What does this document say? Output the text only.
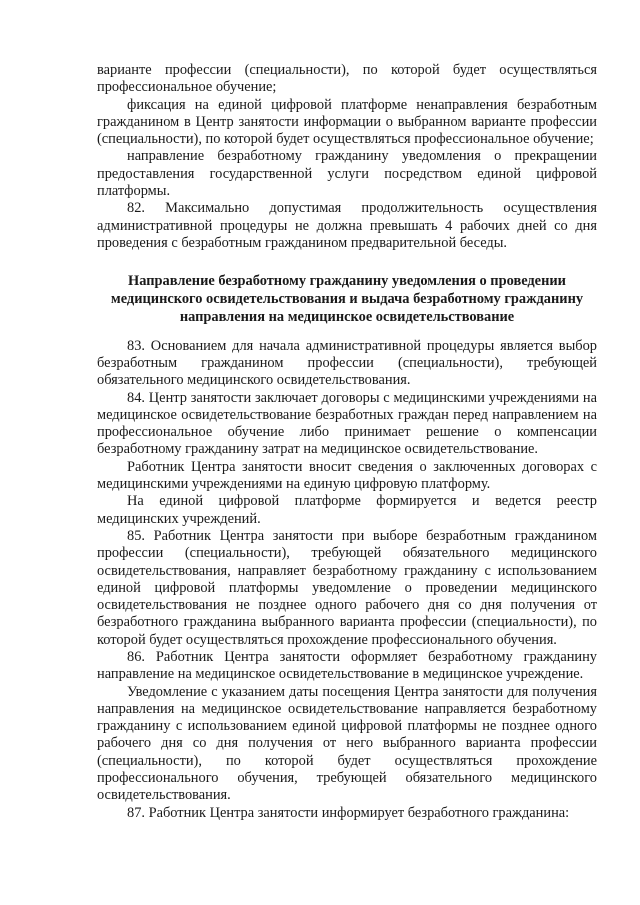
варианте профессии (специальности), по которой будет осуществляться профессиональное обучение;

фиксация на единой цифровой платформе ненаправления безработным гражданином в Центр занятости информации о выбранном варианте профессии (специальности), по которой будет осуществляться профессиональное обучение;

направление безработному гражданину уведомления о прекращении предоставления государственной услуги посредством единой цифровой платформы.

82. Максимально допустимая продолжительность осуществления административной процедуры не должна превышать 4 рабочих дней со дня проведения с безработным гражданином предварительной беседы.

Направление безработному гражданину уведомления о проведении медицинского освидетельствования и выдача безработному гражданину направления на медицинское освидетельствование

83. Основанием для начала административной процедуры является выбор безработным гражданином профессии (специальности), требующей обязательного медицинского освидетельствования.

84. Центр занятости заключает договоры с медицинскими учреждениями на медицинское освидетельствование безработных граждан перед направлением на профессиональное обучение либо принимает решение о компенсации безработному гражданину затрат на медицинское освидетельствование.

Работник Центра занятости вносит сведения о заключенных договорах с медицинскими учреждениями на единую цифровую платформу.

На единой цифровой платформе формируется и ведется реестр медицинских учреждений.

85. Работник Центра занятости при выборе безработным гражданином профессии (специальности), требующей обязательного медицинского освидетельствования, направляет безработному гражданину с использованием единой цифровой платформы уведомление о проведении медицинского освидетельствования не позднее одного рабочего дня со дня получения от безработного гражданина выбранного варианта профессии (специальности), по которой будет осуществляться прохождение профессионального обучения.

86. Работник Центра занятости оформляет безработному гражданину направление на медицинское освидетельствование в медицинское учреждение.

Уведомление с указанием даты посещения Центра занятости для получения направления на медицинское освидетельствование направляется безработному гражданину с использованием единой цифровой платформы не позднее одного рабочего дня со дня получения от него выбранного варианта профессии (специальности), по которой будет осуществляться прохождение профессионального обучения, требующей обязательного медицинского освидетельствования.

87. Работник Центра занятости информирует безработного гражданина:
